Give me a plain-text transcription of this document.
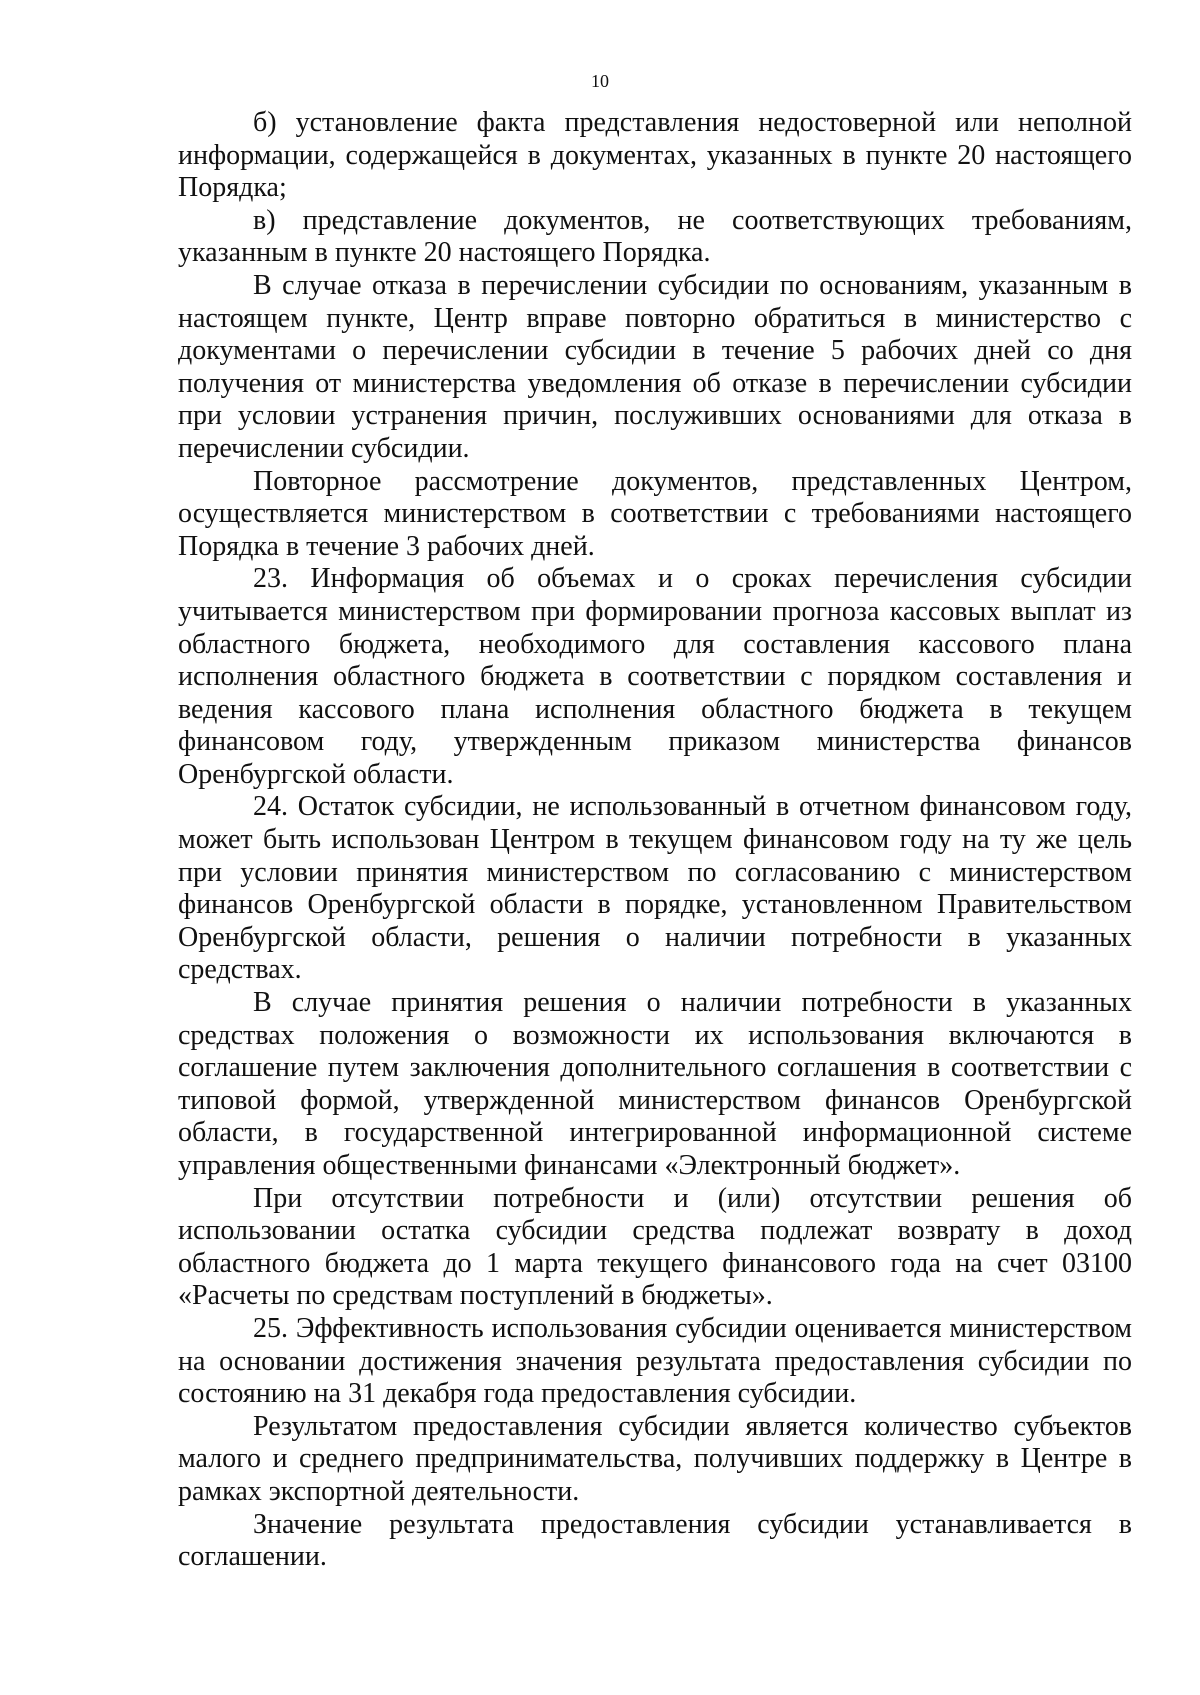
10

б) установление факта представления недостоверной или неполной информации, содержащейся в документах, указанных в пункте 20 настоящего Порядка;

в) представление документов, не соответствующих требованиям, указанным в пункте 20 настоящего Порядка.

В случае отказа в перечислении субсидии по основаниям, указанным в настоящем пункте, Центр вправе повторно обратиться в министерство с документами о перечислении субсидии в течение 5 рабочих дней со дня получения от министерства уведомления об отказе в перечислении субсидии при условии устранения причин, послуживших основаниями для отказа в перечислении субсидии.

Повторное рассмотрение документов, представленных Центром, осуществляется министерством в соответствии с требованиями настоящего Порядка в течение 3 рабочих дней.

23. Информация об объемах и о сроках перечисления субсидии учитывается министерством при формировании прогноза кассовых выплат из областного бюджета, необходимого для составления кассового плана исполнения областного бюджета в соответствии с порядком составления и ведения кассового плана исполнения областного бюджета в текущем финансовом году, утвержденным приказом министерства финансов Оренбургской области.

24. Остаток субсидии, не использованный в отчетном финансовом году, может быть использован Центром в текущем финансовом году на ту же цель при условии принятия министерством по согласованию с министерством финансов Оренбургской области в порядке, установленном Правительством Оренбургской области, решения о наличии потребности в указанных средствах.

В случае принятия решения о наличии потребности в указанных средствах положения о возможности их использования включаются в соглашение путем заключения дополнительного соглашения в соответствии с типовой формой, утвержденной министерством финансов Оренбургской области, в государственной интегрированной информационной системе управления общественными финансами «Электронный бюджет».

При отсутствии потребности и (или) отсутствии решения об использовании остатка субсидии средства подлежат возврату в доход областного бюджета до 1 марта текущего финансового года на счет 03100 «Расчеты по средствам поступлений в бюджеты».

25. Эффективность использования субсидии оценивается министерством на основании достижения значения результата предоставления субсидии по состоянию на 31 декабря года предоставления субсидии.

Результатом предоставления субсидии является количество субъектов малого и среднего предпринимательства, получивших поддержку в Центре в рамках экспортной деятельности.

Значение результата предоставления субсидии устанавливается в соглашении.
